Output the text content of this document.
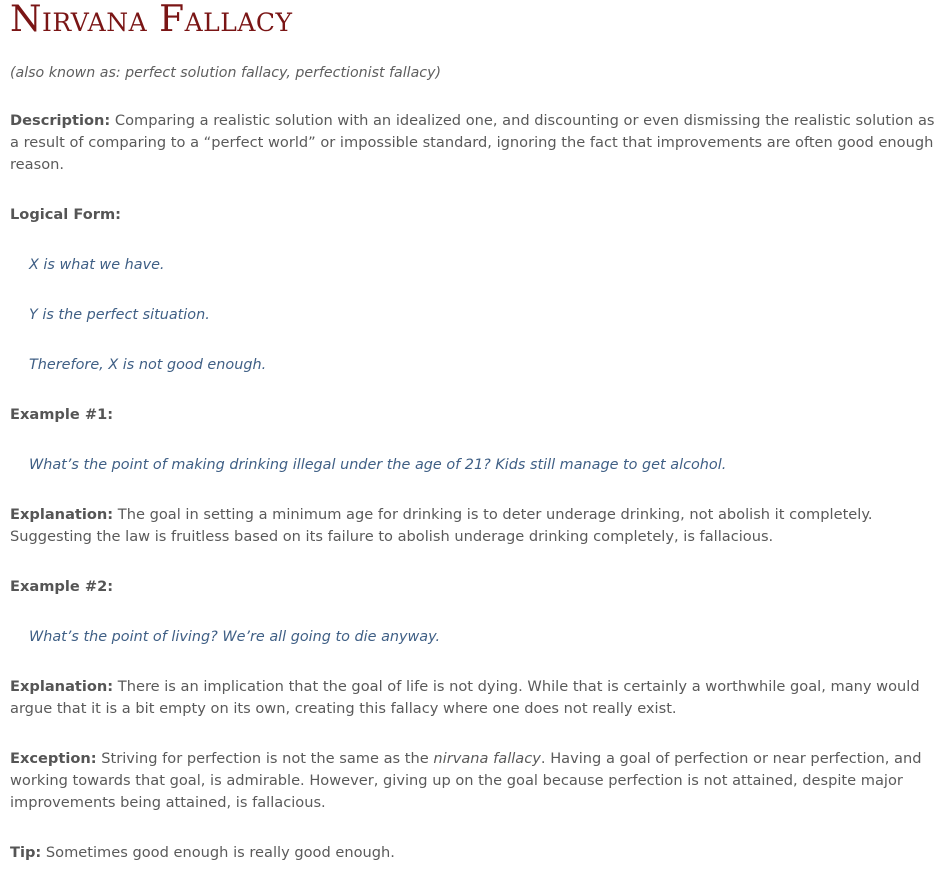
Nirvana Fallacy
(also known as: perfect solution fallacy, perfectionist fallacy)

Description: Comparing a realistic solution with an idealized one, and discounting or even dismissing the realistic solution as

a result of comparing to a “perfect world” or impossible standard, ignoring the fact that improvements are often good enough

reason.

Logical Form:

X is what we have.

Y is the perfect situation.

Therefore, X is not good enough.

Example #1:

What’s the point of making drinking illegal under the age of 21? Kids still manage to get alcohol.

Explanation: The goal in setting a minimum age for drinking is to deter underage drinking, not abolish it completely.

Suggesting the law is fruitless based on its failure to abolish underage drinking completely, is fallacious.

Example #2:

What’s the point of living? We’re all going to die anyway.

Explanation: There is an implication that the goal of life is not dying. While that is certainly a worthwhile goal, many would

argue that it is a bit empty on its own, creating this fallacy where one does not really exist.

Exception: Striving for perfection is not the same as the nirvana fallacy. Having a goal of perfection or near perfection, and

working towards that goal, is admirable. However, giving up on the goal because perfection is not attained, despite major

improvements being attained, is fallacious.

Tip: Sometimes good enough is really good enough.
